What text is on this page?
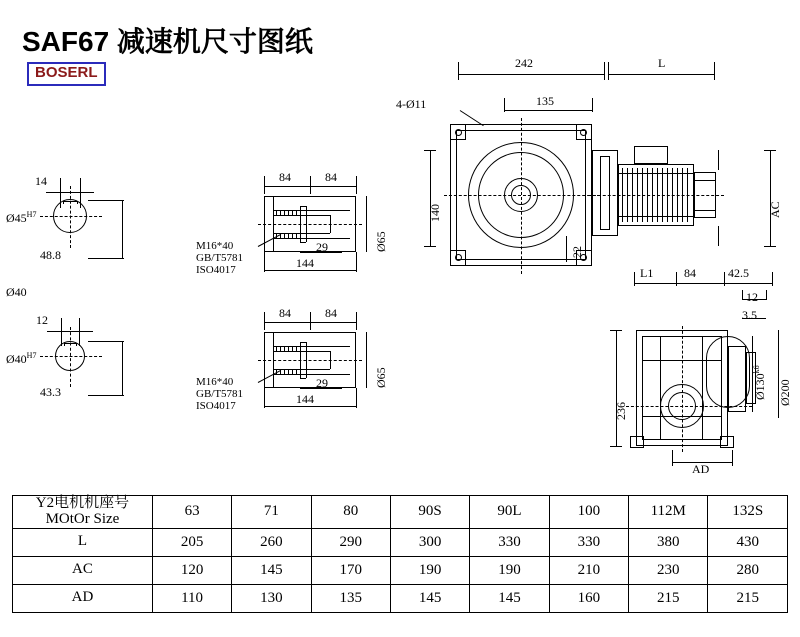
SAF67 减速机尺寸图纸
BOSERL
14
$Ø45^{H7}$
48.8
Ø40
12
$Ø40^{H7}$
43.3
84	84
M16*40
GB/T5781
ISO4017
29
144
Ø65
84	84
M16*40
GB/T5781
ISO4017
29
144
Ø65
242	L
135
4-Ø11
140
22
AC
L1	84	42.5
12
3.5
236
$Ø130^{k6}$
Ø200
AD
Y2电机机座号
MOtOr Size	63	71	80	90S	90L	100	112M	132S
L	205	260	290	300	330	330	380	430
AC	120	145	170	190	190	210	230	280
AD	110	130	135	145	145	160	215	215
